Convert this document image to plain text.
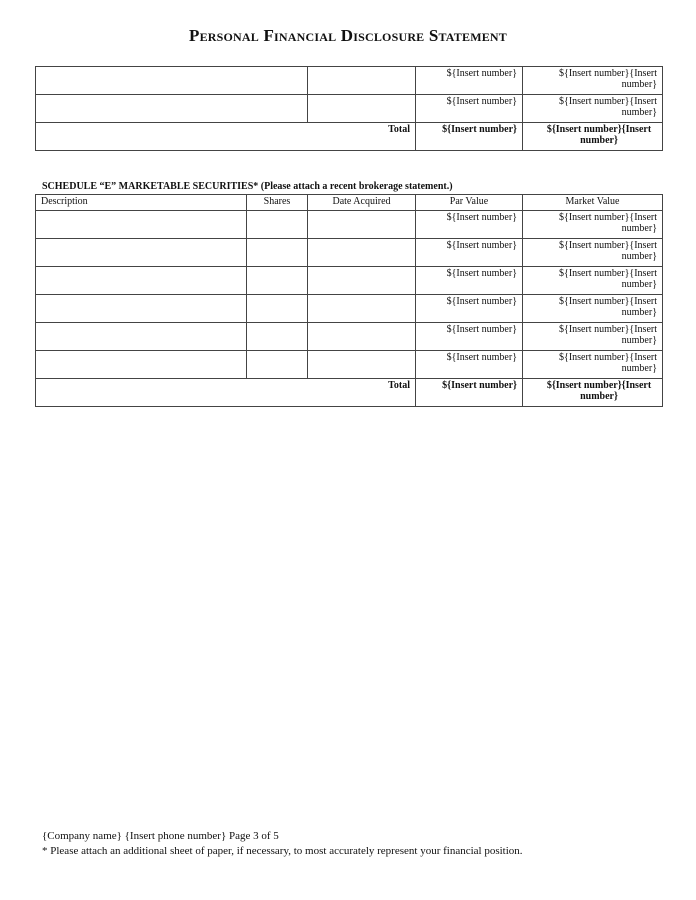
Personal Financial Disclosure Statement
		${Insert number}	${Insert number}{Insert number}
		${Insert number}	${Insert number}{Insert number}
Total		${Insert number}	${Insert number}{Insert number}
SCHEDULE “E” MARKETABLE SECURITIES* (Please attach a recent brokerage statement.)
Description	Shares	Date Acquired	Par Value	Market Value
			${Insert number}	${Insert number}{Insert number}
			${Insert number}	${Insert number}{Insert number}
			${Insert number}	${Insert number}{Insert number}
			${Insert number}	${Insert number}{Insert number}
			${Insert number}	${Insert number}{Insert number}
			${Insert number}	${Insert number}{Insert number}
Total			${Insert number}	${Insert number}{Insert number}
{Company name} {Insert phone number} Page 3 of 5
* Please attach an additional sheet of paper, if necessary, to most accurately represent your financial position.
